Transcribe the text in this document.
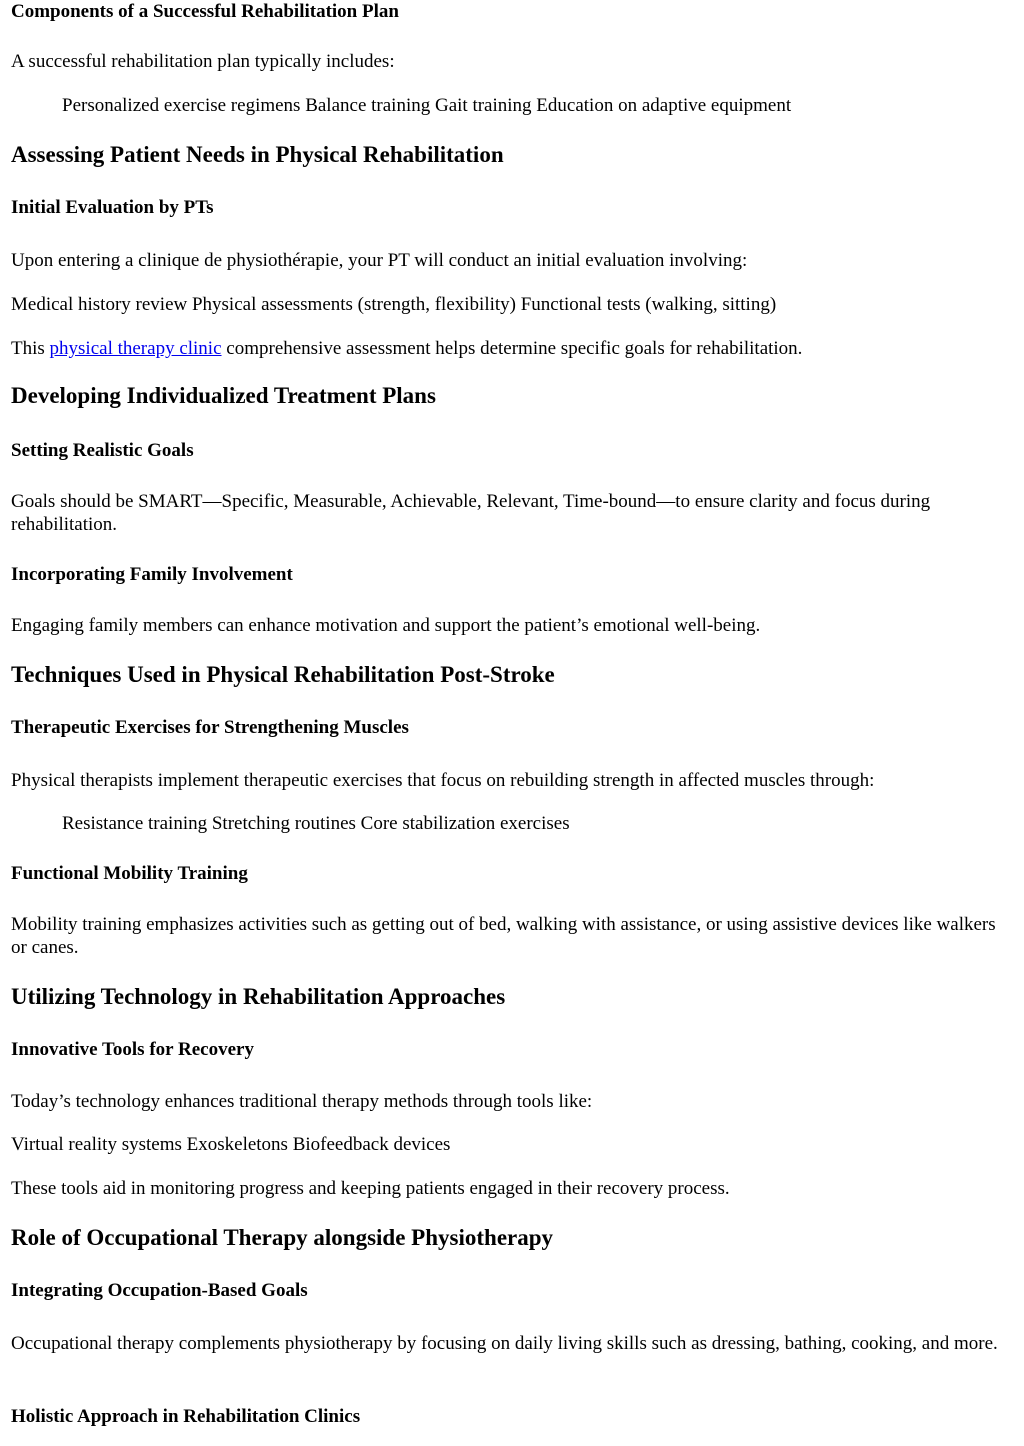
Components of a Successful Rehabilitation Plan
A successful rehabilitation plan typically includes:
Personalized exercise regimens Balance training Gait training Education on adaptive equipment
Assessing Patient Needs in Physical Rehabilitation
Initial Evaluation by PTs
Upon entering a clinique de physiothérapie, your PT will conduct an initial evaluation involving:
Medical history review Physical assessments (strength, flexibility) Functional tests (walking, sitting)
This physical therapy clinic comprehensive assessment helps determine specific goals for rehabilitation.
Developing Individualized Treatment Plans
Setting Realistic Goals
Goals should be SMART—Specific, Measurable, Achievable, Relevant, Time-bound—to ensure clarity and focus during rehabilitation.
Incorporating Family Involvement
Engaging family members can enhance motivation and support the patient’s emotional well-being.
Techniques Used in Physical Rehabilitation Post-Stroke
Therapeutic Exercises for Strengthening Muscles
Physical therapists implement therapeutic exercises that focus on rebuilding strength in affected muscles through:
Resistance training Stretching routines Core stabilization exercises
Functional Mobility Training
Mobility training emphasizes activities such as getting out of bed, walking with assistance, or using assistive devices like walkers or canes.
Utilizing Technology in Rehabilitation Approaches
Innovative Tools for Recovery
Today’s technology enhances traditional therapy methods through tools like:
Virtual reality systems Exoskeletons Biofeedback devices
These tools aid in monitoring progress and keeping patients engaged in their recovery process.
Role of Occupational Therapy alongside Physiotherapy
Integrating Occupation-Based Goals
Occupational therapy complements physiotherapy by focusing on daily living skills such as dressing, bathing, cooking, and more.
Holistic Approach in Rehabilitation Clinics
